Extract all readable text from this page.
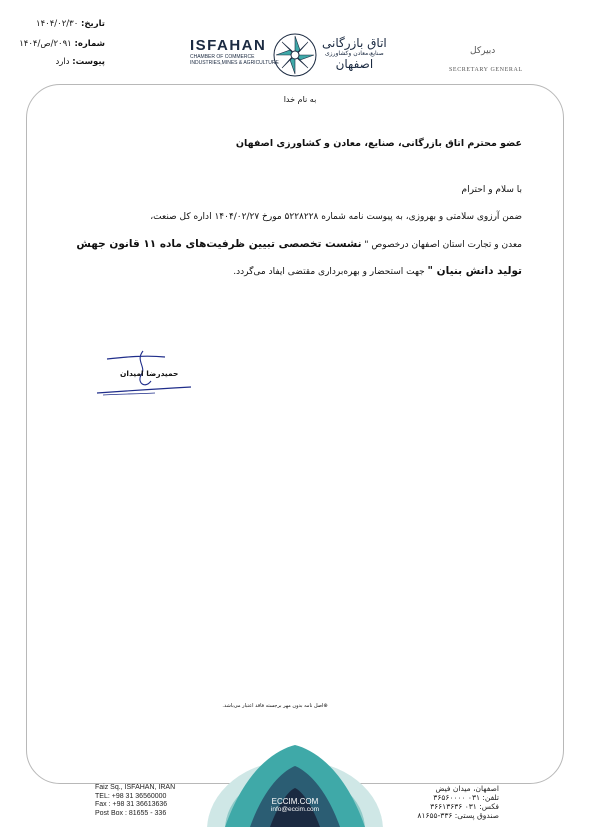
تاریخ: ۱۴۰۴/۰۲/۳۰
شماره: ۲۰۹۱/ص/۱۴۰۴
پیوست: دارد
ISFAHAN
CHAMBER OF COMMERCE
INDUSTRIES,MINES & AGRICULTURE
اتاق بازرگانی
صنایع،معادن وکشاورزی
اصفهان
دبیرکل
SECRETARY GENERAL
به نام خدا
عضو محترم اتاق بازرگانی، صنایع، معادن و کشاورزی اصفهان
با سلام و احترام
ضمن آرزوی سلامتی و بهروزی، به پیوست نامه شماره ۵۲۲۸۲۲۸ مورخ ۱۴۰۴/۰۲/۲۷ اداره کل صنعت،
معدن و تجارت استان اصفهان درخصوص " نشست تخصصی تبیین ظرفیت‌های ماده ۱۱ قانون جهش
تولید دانش بنیان " جهت استحضار و بهره‌برداری مقتضی ایفاد می‌گردد.
حمیدرضا امیدان
⊕اصل نامه بدون مهر برجسته فاقد اعتبار می‌باشد.
Faiz Sq., ISFAHAN, IRAN
TEL: +98 31 36560000
Fax : +98 31 36613636
Post Box : 81655 - 336
ECCIM.COM
info@eccim.com
اصفهان، میدان فیض
تلفن: ۰۳۱ ۳۶۵۶۰۰۰۰
فکس: ۰۳۱ ۳۶۶۱۳۶۳۶
صندوق پستی: ۳۳۶-۸۱۶۵۵
